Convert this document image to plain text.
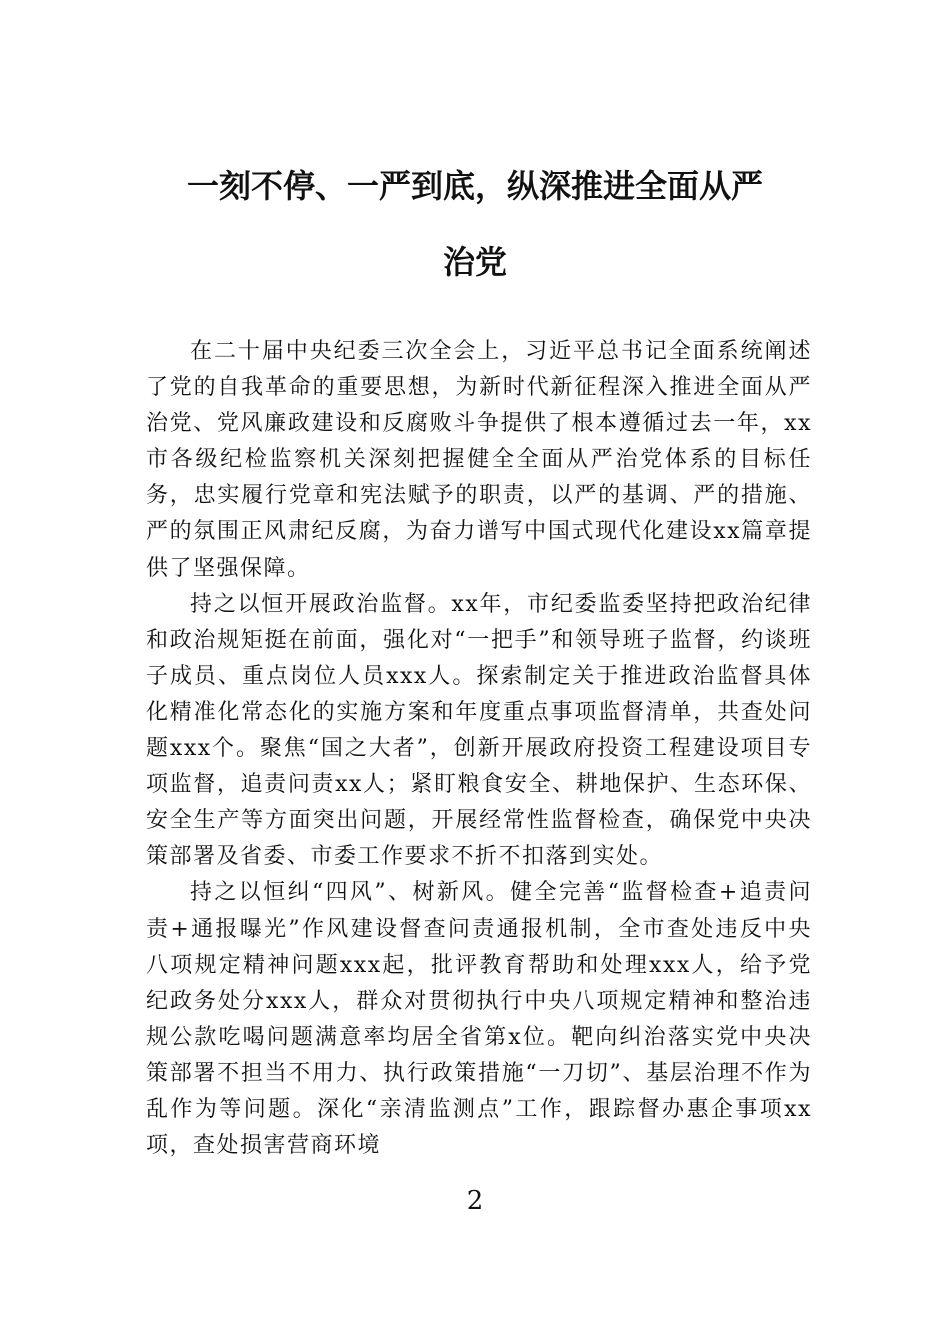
一刻不停、一严到底，纵深推进全面从严
治党

在二十届中央纪委三次全会上，习近平总书记全面系统阐述了党的自我革命的重要思想，为新时代新征程深入推进全面从严治党、党风廉政建设和反腐败斗争提供了根本遵循过去一年，xx市各级纪检监察机关深刻把握健全全面从严治党体系的目标任务，忠实履行党章和宪法赋予的职责，以严的基调、严的措施、严的氛围正风肃纪反腐，为奋力谱写中国式现代化建设xx篇章提供了坚强保障。

持之以恒开展政治监督。xx年，市纪委监委坚持把政治纪律和政治规矩挺在前面，强化对“一把手”和领导班子监督，约谈班子成员、重点岗位人员xxx人。探索制定关于推进政治监督具体化精准化常态化的实施方案和年度重点事项监督清单，共查处问题xxx个。聚焦“国之大者”，创新开展政府投资工程建设项目专项监督，追责问责xx人；紧盯粮食安全、耕地保护、生态环保、安全生产等方面突出问题，开展经常性监督检查，确保党中央决策部署及省委、市委工作要求不折不扣落到实处。

持之以恒纠“四风”、树新风。健全完善“监督检查+追责问责+通报曝光”作风建设督查问责通报机制，全市查处违反中央八项规定精神问题xxx起，批评教育帮助和处理xxx人，给予党纪政务处分xxx人，群众对贯彻执行中央八项规定精神和整治违规公款吃喝问题满意率均居全省第x位。靶向纠治落实党中央决策部署不担当不用力、执行政策措施“一刀切”、基层治理不作为乱作为等问题。深化“亲清监测点”工作，跟踪督办惠企事项xx项，查处损害营商环境

2
